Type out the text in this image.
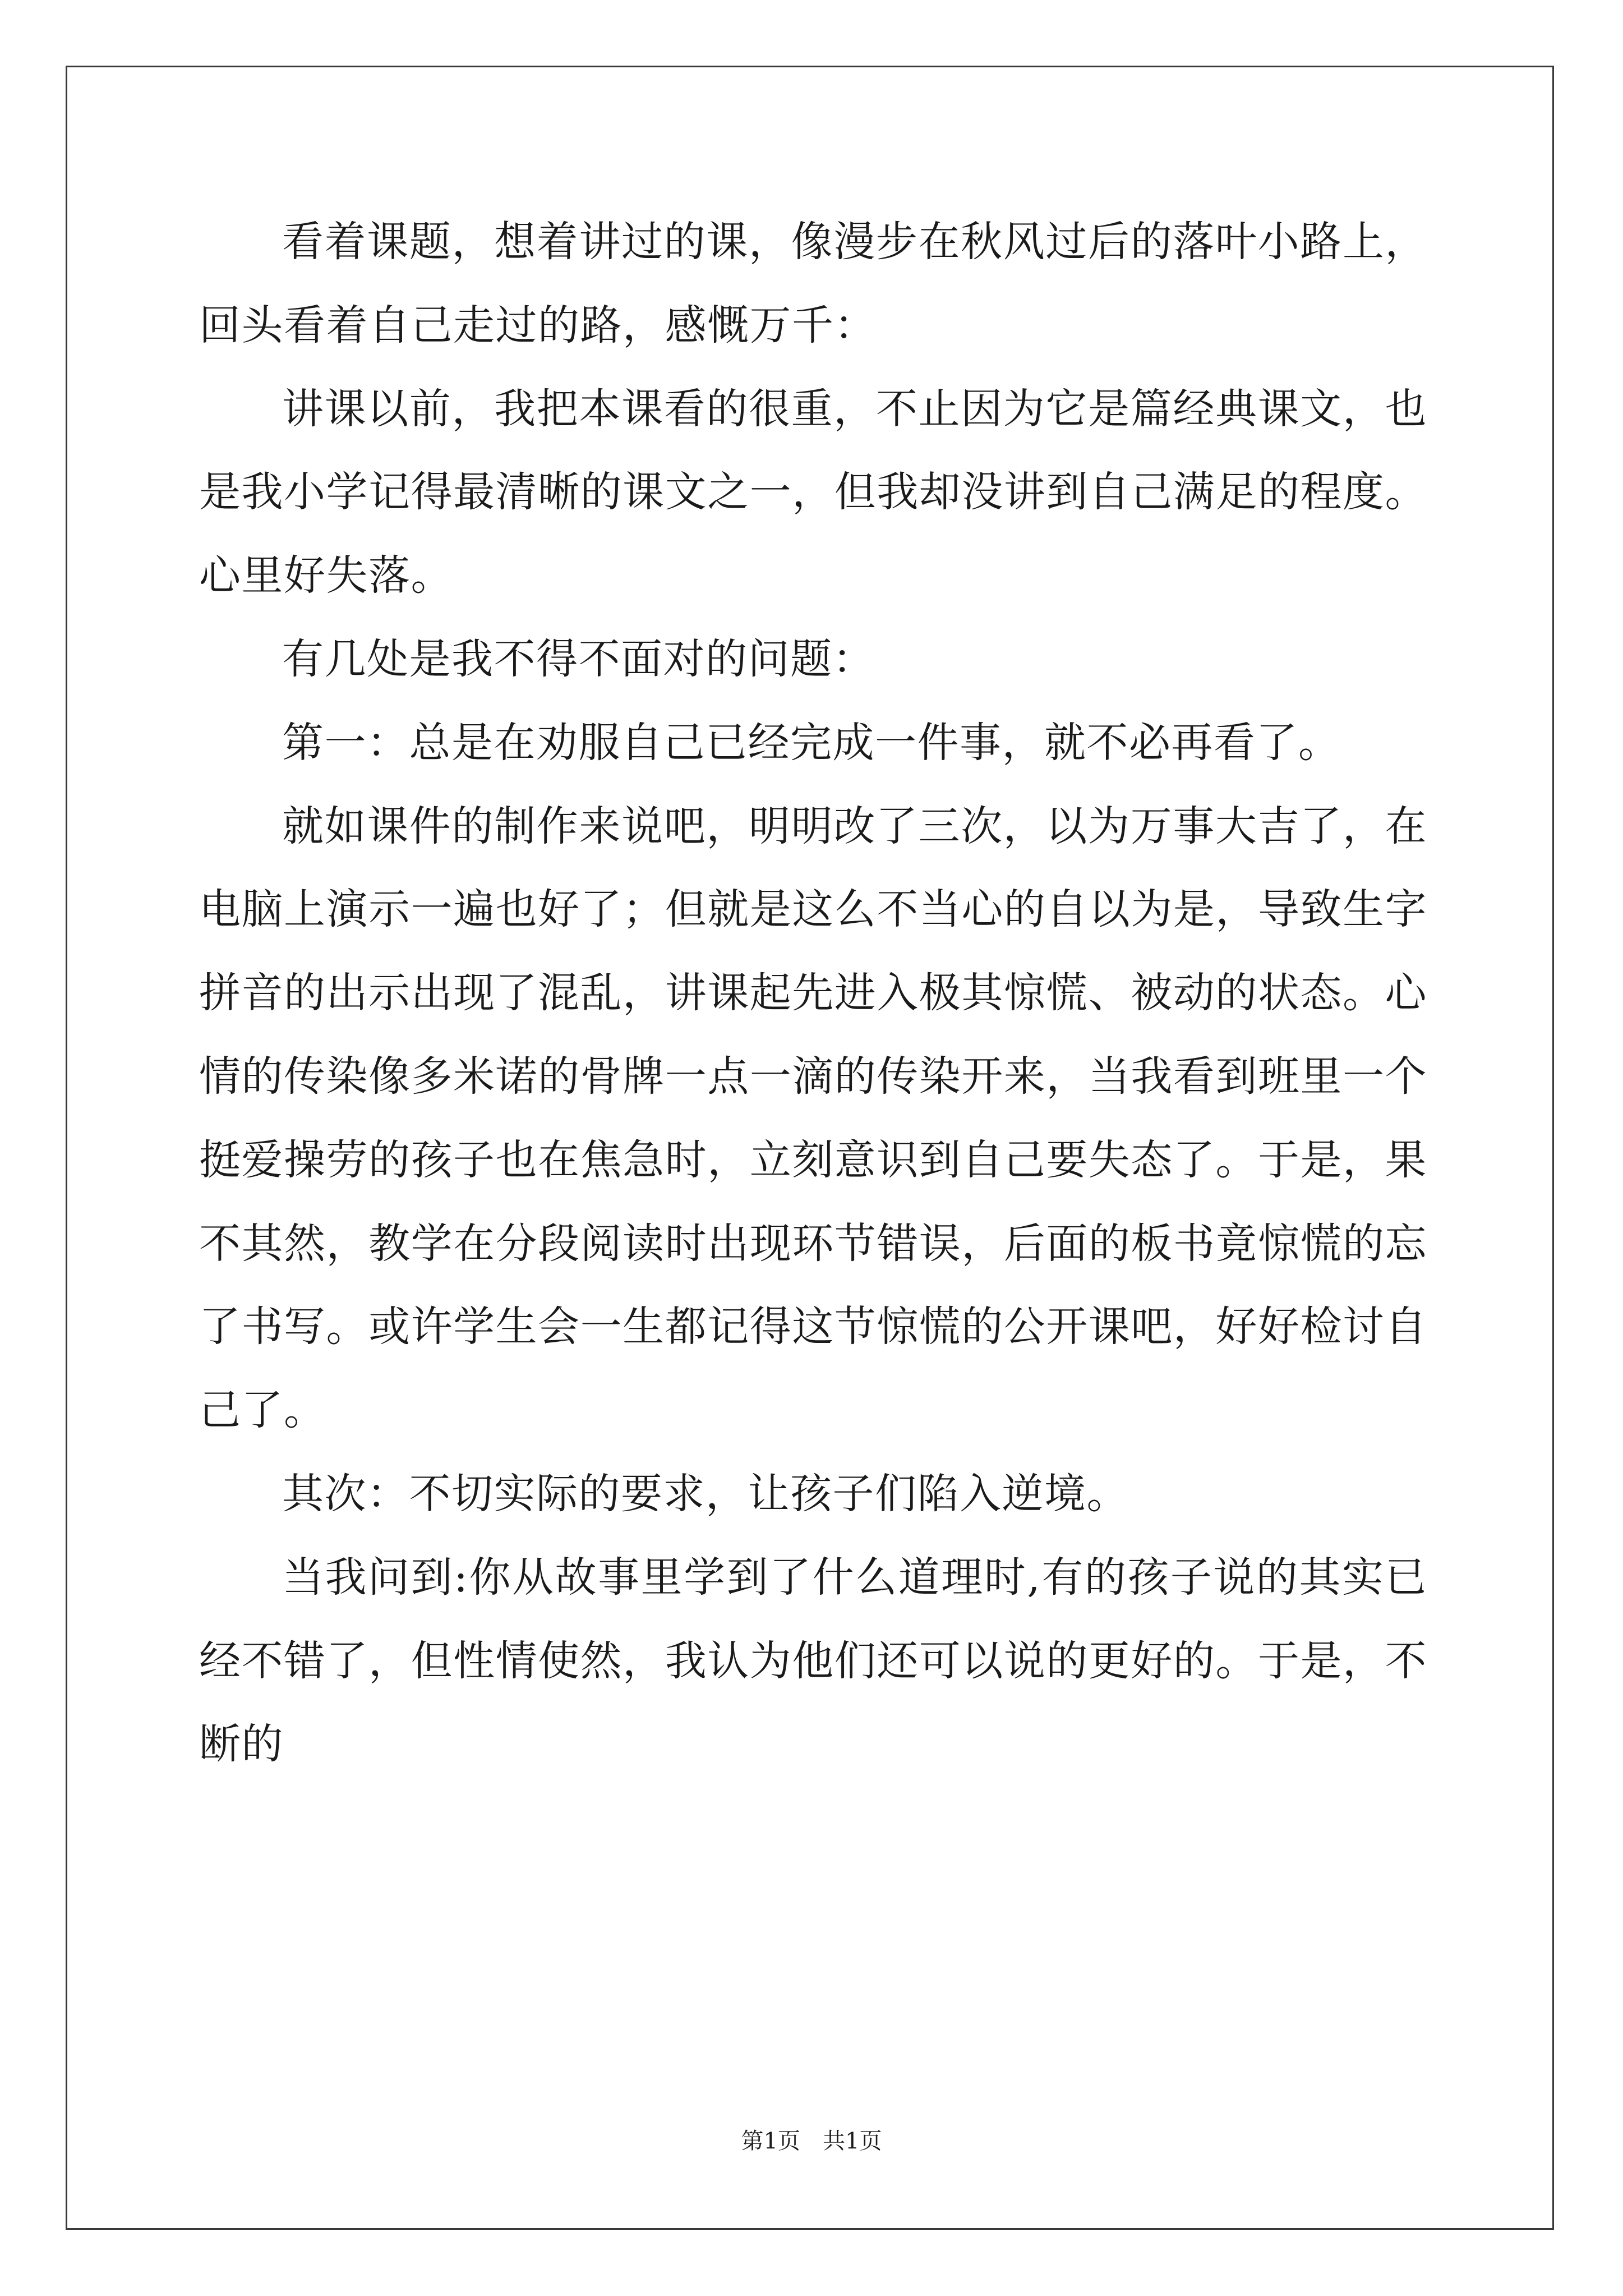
看着课题，想着讲过的课，像漫步在秋风过后的落叶小路上，回头看着自己走过的路，感慨万千：

讲课以前，我把本课看的很重，不止因为它是篇经典课文，也是我小学记得最清晰的课文之一，但我却没讲到自己满足的程度。心里好失落。

有几处是我不得不面对的问题：

第一：总是在劝服自己已经完成一件事，就不必再看了。

就如课件的制作来说吧，明明改了三次，以为万事大吉了，在电脑上演示一遍也好了；但就是这么不当心的自以为是，导致生字拼音的出示出现了混乱，讲课起先进入极其惊慌、被动的状态。心情的传染像多米诺的骨牌一点一滴的传染开来，当我看到班里一个挺爱操劳的孩子也在焦急时，立刻意识到自己要失态了。于是，果不其然，教学在分段阅读时出现环节错误，后面的板书竟惊慌的忘了书写。或许学生会一生都记得这节惊慌的公开课吧，好好检讨自己了。

其次：不切实际的要求，让孩子们陷入逆境。

当我问到:你从故事里学到了什么道理时,有的孩子说的其实已经不错了，但性情使然，我认为他们还可以说的更好的。于是，不断的

第1页 共1页
